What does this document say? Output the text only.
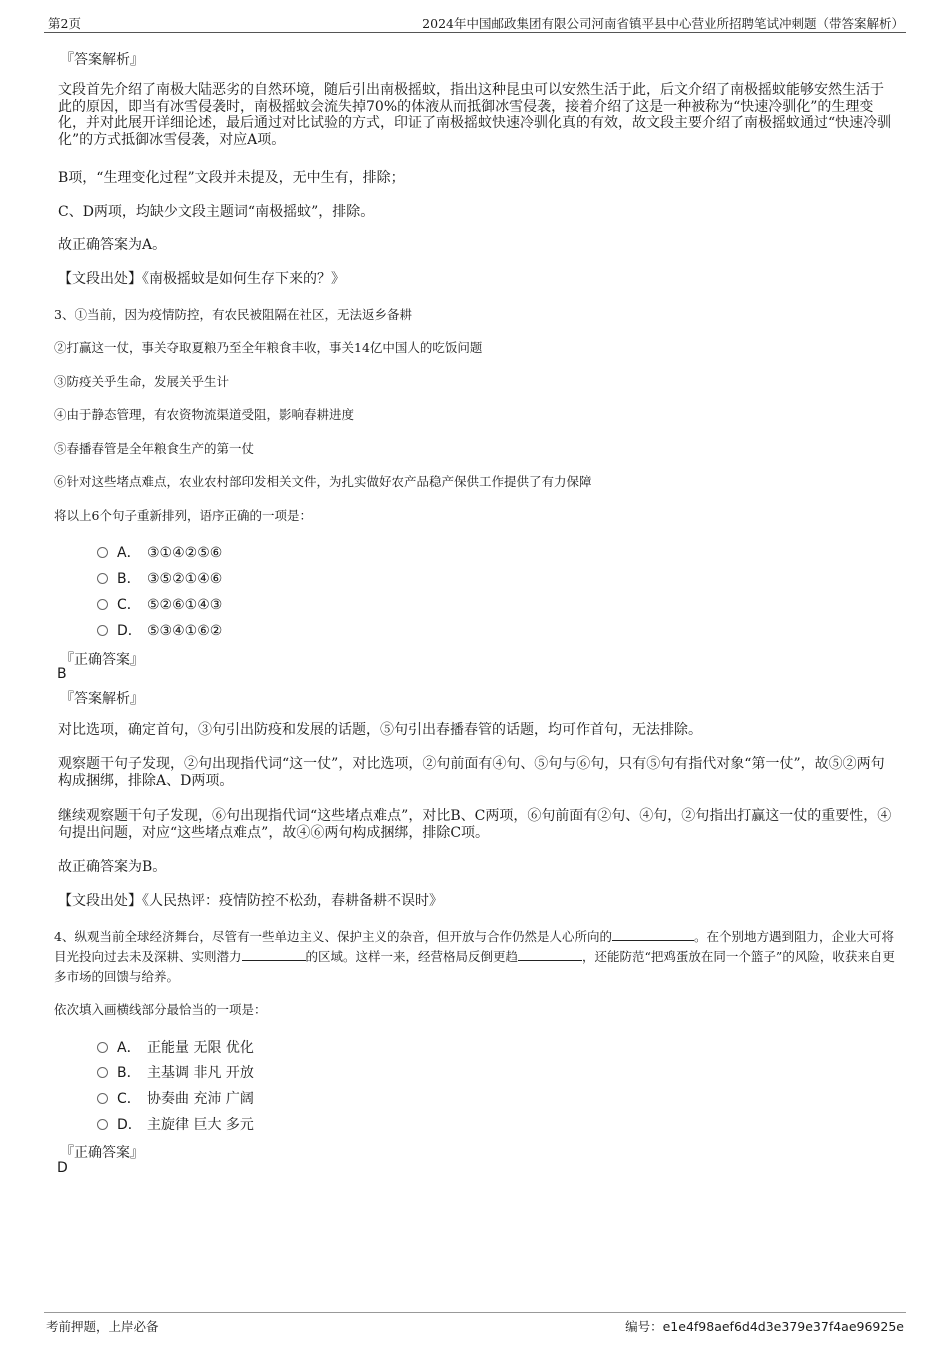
第2页	2024年中国邮政集团有限公司河南省镇平县中心营业所招聘笔试冲刺题（带答案解析）
『答案解析』
文段首先介绍了南极大陆恶劣的自然环境，随后引出南极摇蚊，指出这种昆虫可以安然生活于此，后文介绍了南极摇蚊能够安然生活于此的原因，即当有冰雪侵袭时，南极摇蚊会流失掉70%的体液从而抵御冰雪侵袭，接着介绍了这是一种被称为“快速冷驯化”的生理变化，并对此展开详细论述，最后通过对比试验的方式，印证了南极摇蚊快速冷驯化真的有效，故文段主要介绍了南极摇蚊通过“快速冷驯化”的方式抵御冰雪侵袭，对应A项。
B项，“生理变化过程”文段并未提及，无中生有，排除；
C、D两项，均缺少文段主题词“南极摇蚊”，排除。
故正确答案为A。
【文段出处】《南极摇蚊是如何生存下来的？》
3、①当前，因为疫情防控，有农民被阻隔在社区，无法返乡备耕
②打赢这一仗，事关夺取夏粮乃至全年粮食丰收，事关14亿中国人的吃饭问题
③防疫关乎生命，发展关乎生计
④由于静态管理，有农资物流渠道受阻，影响春耕进度
⑤春播春管是全年粮食生产的第一仗
⑥针对这些堵点难点，农业农村部印发相关文件，为扎实做好农产品稳产保供工作提供了有力保障
将以上6个句子重新排列，语序正确的一项是：
A． ③①④②⑤⑥
B． ③⑤②①④⑥
C． ⑤②⑥①④③
D． ⑤③④①⑥②
『正确答案』
B
『答案解析』
对比选项，确定首句，③句引出防疫和发展的话题，⑤句引出春播春管的话题，均可作首句，无法排除。
观察题干句子发现，②句出现指代词“这一仗”，对比选项，②句前面有④句、⑤句与⑥句，只有⑤句有指代对象“第一仗”，故⑤②两句构成捆绑，排除A、D两项。
继续观察题干句子发现，⑥句出现指代词“这些堵点难点”，对比B、C两项，⑥句前面有②句、④句，②句指出打赢这一仗的重要性，④句提出问题，对应“这些堵点难点”，故④⑥两句构成捆绑，排除C项。
故正确答案为B。
【文段出处】《人民热评：疫情防控不松劲，春耕备耕不误时》
4、纵观当前全球经济舞台，尽管有一些单边主义、保护主义的杂音，但开放与合作仍然是人心所向的	。在个别地方遇到阻力，企业大可将目光投向过去未及深耕、实则潜力	的区域。这样一来，经营格局反倒更趋	，还能防范“把鸡蛋放在同一个篮子”的风险，收获来自更多市场的回馈与给养。
依次填入画横线部分最恰当的一项是：
A． 正能量 无限 优化
B． 主基调 非凡 开放
C． 协奏曲 充沛 广阔
D． 主旋律 巨大 多元
『正确答案』
D
考前押题，上岸必备	编号：e1e4f98aef6d4d3e379e37f4ae96925e
